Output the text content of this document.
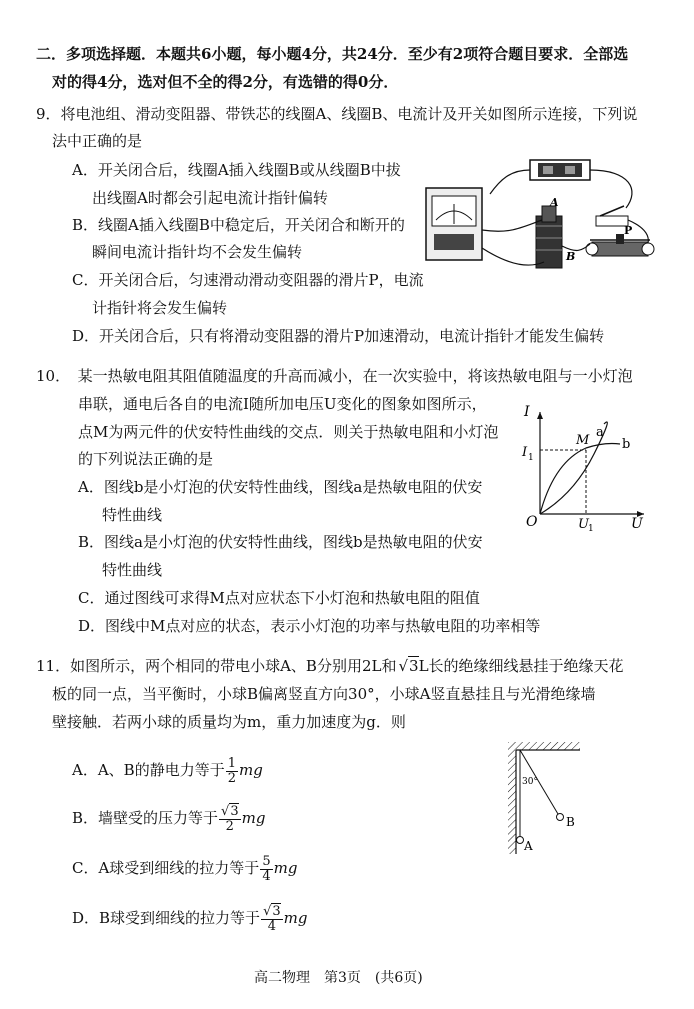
二．多项选择题．本题共6小题，每小题4分，共24分．至少有2项符合题目要求．全部选
对的得4分，选对但不全的得2分，有选错的得0分．
9．将电池组、滑动变阻器、带铁芯的线圈A、线圈B、电流计及开关如图所示连接，下列说
法中正确的是
A．开关闭合后，线圈A插入线圈B或从线圈B中拔
出线圈A时都会引起电流计指针偏转
B．线圈A插入线圈B中稳定后，开关闭合和断开的
瞬间电流计指针均不会发生偏转
C．开关闭合后，匀速滑动滑动变阻器的滑片P，电流
计指针将会发生偏转
D．开关闭合后，只有将滑动变阻器的滑片P加速滑动，电流计指针才能发生偏转
A
B
P
10．　某一热敏电阻其阻值随温度的升高而减小，在一次实验中，将该热敏电阻与一小灯泡
串联，通电后各自的电流I随所加电压U变化的图象如图所示，
点M为两元件的伏安特性曲线的交点．则关于热敏电阻和小灯泡
的下列说法正确的是
A．图线b是小灯泡的伏安特性曲线，图线a是热敏电阻的伏安
特性曲线
B．图线a是小灯泡的伏安特性曲线，图线b是热敏电阻的伏安
特性曲线
C．通过图线可求得M点对应状态下小灯泡和热敏电阻的阻值
D．图线中M点对应的状态，表示小灯泡的功率与热敏电阻的功率相等
I
U
O
M
a
b
I 1
U 1
11．如图所示，两个相同的带电小球A、B分别用2L和 √3L长的绝缘细线悬挂于绝缘天花
板的同一点，当平衡时，小球B偏离竖直方向30°，小球A竖直悬挂且与光滑绝缘墙
壁接触．若两小球的质量均为m，重力加速度为g．则
A．A、B的静电力等于 $\frac{1}{2}$ mg
B．墙壁受的压力等于 $\frac{√3}{2}$ mg
C．A球受到细线的拉力等于 $\frac{5}{4}$ mg
D．B球受到细线的拉力等于 $\frac{√3}{4}$ mg
30°
A
B
高二物理　第3页　(共6页)
